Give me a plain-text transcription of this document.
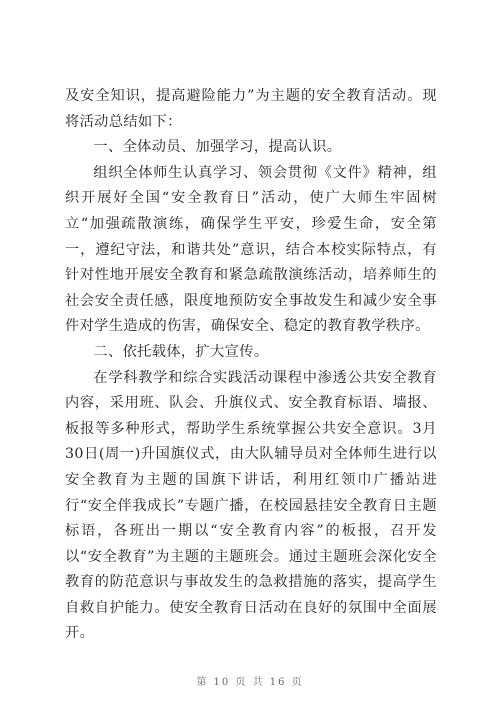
及安全知识，提高避险能力”为主题的安全教育活动。现将活动总结如下：

一、全体动员、加强学习，提高认识。

组织全体师生认真学习、领会贯彻《文件》精神，组织开展好全国“安全教育日”活动，使广大师生牢固树立“加强疏散演练，确保学生平安，珍爱生命，安全第一，遵纪守法，和谐共处”意识，结合本校实际特点，有针对性地开展安全教育和紧急疏散演练活动，培养师生的社会安全责任感，限度地预防安全事故发生和减少安全事件对学生造成的伤害，确保安全、稳定的教育教学秩序。

二、依托载体，扩大宣传。

在学科教学和综合实践活动课程中渗透公共安全教育内容，采用班、队会、升旗仪式、安全教育标语、墙报、板报等多种形式，帮助学生系统掌握公共安全意识。3月30日(周一)升国旗仪式，由大队辅导员对全体师生进行以安全教育为主题的国旗下讲话，利用红领巾广播站进行“安全伴我成长”专题广播，在校园悬挂安全教育日主题标语，各班出一期以“安全教育内容”的板报，召开发以“安全教育”为主题的主题班会。通过主题班会深化安全教育的防范意识与事故发生的急救措施的落实，提高学生自救自护能力。使安全教育日活动在良好的氛围中全面展开。

第 10 页 共 16 页
